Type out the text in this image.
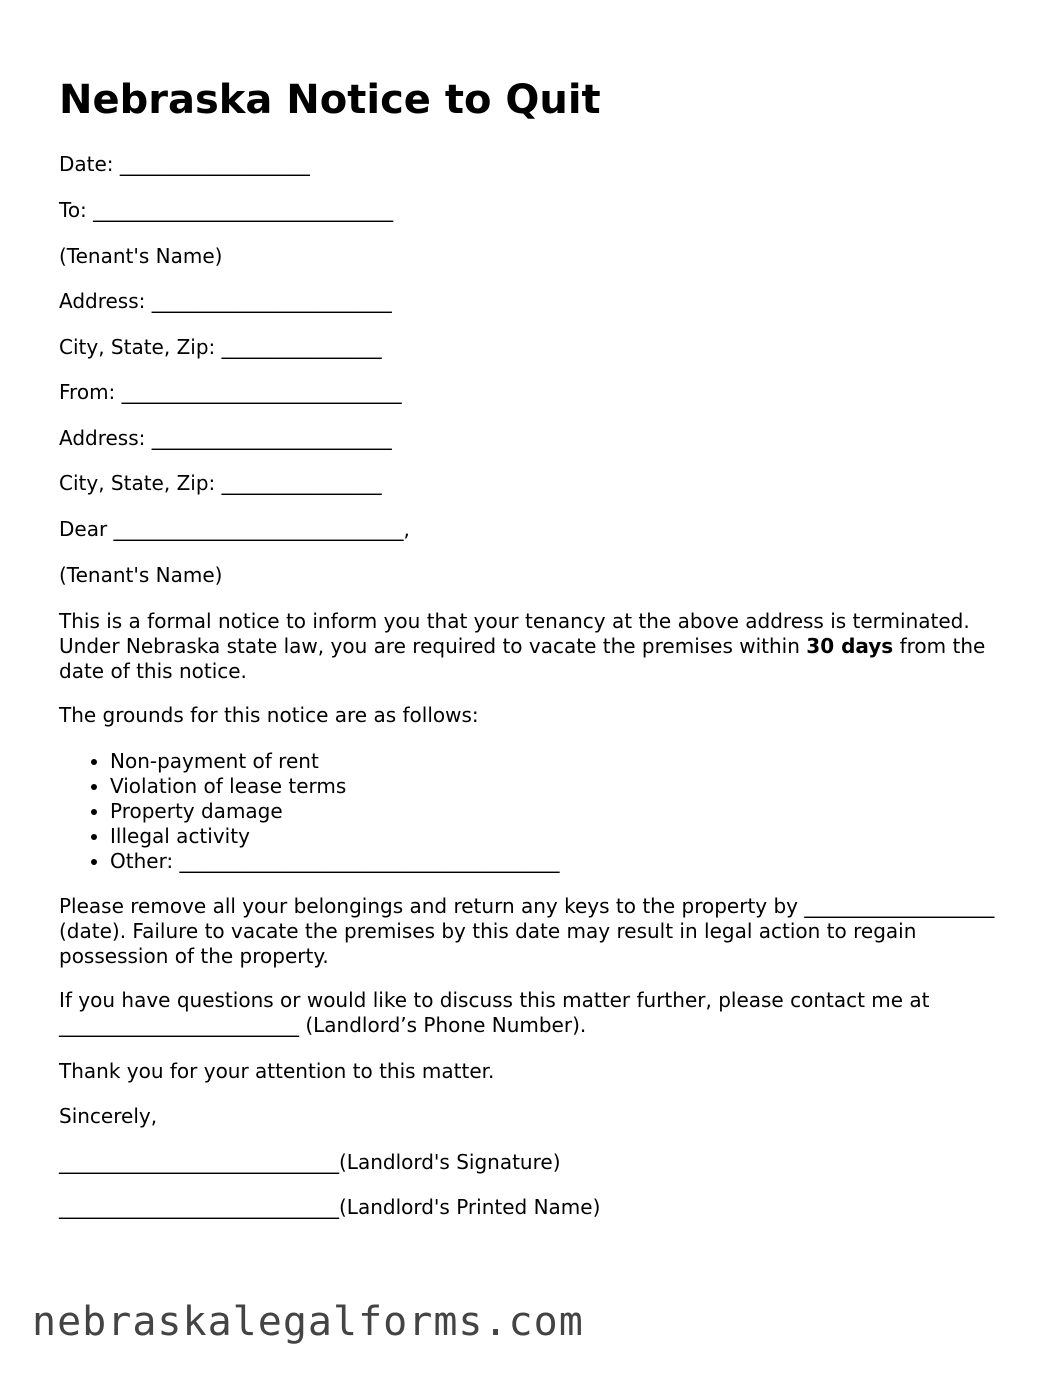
Nebraska Notice to Quit

Date: ___________________

To: ______________________________

(Tenant's Name)

Address: ________________________

City, State, Zip: ________________

From: ____________________________

Address: ________________________

City, State, Zip: ________________

Dear _____________________________,

(Tenant's Name)

This is a formal notice to inform you that your tenancy at the above address is terminated. Under Nebraska state law, you are required to vacate the premises within 30 days from the date of this notice.

The grounds for this notice are as follows:

• Non-payment of rent
• Violation of lease terms
• Property damage
• Illegal activity
• Other: ______________________________________

Please remove all your belongings and return any keys to the property by ___________________ (date). Failure to vacate the premises by this date may result in legal action to regain possession of the property.

If you have questions or would like to discuss this matter further, please contact me at ________________________ (Landlord’s Phone Number).

Thank you for your attention to this matter.

Sincerely,

____________________________(Landlord's Signature)

____________________________(Landlord's Printed Name)

nebraskalegalforms.com
